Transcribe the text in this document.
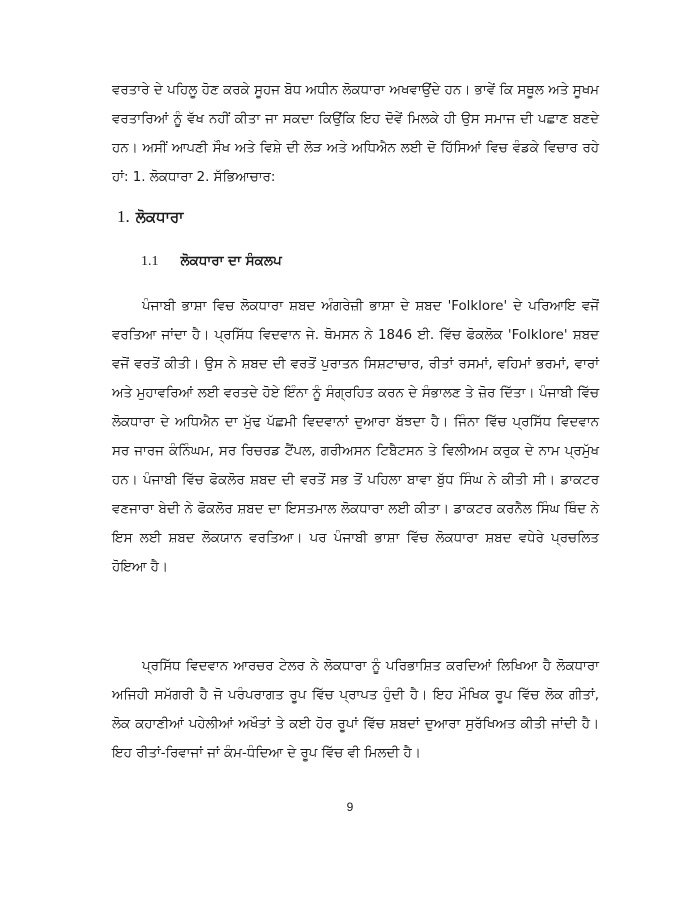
ਵਰਤਾਰੇ ਦੇ ਪਹਿਲੂ ਹੋਣ ਕਰਕੇ ਸੂਹਜ ਬੋਧ ਅਧੀਨ ਲੋਕਧਾਰਾ ਅਖਵਾਉਂਦੇ ਹਨ। ਭਾਵੇਂ ਕਿ ਸਥੂਲ ਅਤੇ ਸੂਖਮ ਵਰਤਾਰਿਆਂ ਨੂੰ ਵੱਖ ਨਹੀਂ ਕੀਤਾ ਜਾ ਸਕਦਾ ਕਿਉਂਕਿ ਇਹ ਦੋਵੇਂ ਮਿਲਕੇ ਹੀ ਉਸ ਸਮਾਜ ਦੀ ਪਛਾਣ ਬਣਦੇ ਹਨ। ਅਸੀਂ ਆਪਣੀ ਸੌਖ ਅਤੇ ਵਿਸ਼ੇ ਦੀ ਲੋੜ ਅਤੇ ਅਧਿਐਨ ਲਈ ਦੋ ਹਿੱਸਿਆਂ ਵਿਚ ਵੰਡਕੇ ਵਿਚਾਰ ਰਹੇ ਹਾਂ: 1. ਲੋਕਧਾਰਾ 2. ਸੱਭਿਆਚਾਰ:

1. ਲੋਕਧਾਰਾ
1.1 ਲੋਕਧਾਰਾ ਦਾ ਸੰਕਲਪ

ਪੰਜਾਬੀ ਭਾਸ਼ਾ ਵਿਚ ਲੋਕਧਾਰਾ ਸ਼ਬਦ ਅੰਗਰੇਜ਼ੀ ਭਾਸ਼ਾ ਦੇ ਸ਼ਬਦ 'Folklore' ਦੇ ਪਰਿਆਇ ਵਜੋਂ ਵਰਤਿਆ ਜਾਂਦਾ ਹੈ। ਪ੍ਰਸਿੱਧ ਵਿਦਵਾਨ ਜੇ. ਥੋਮਸਨ ਨੇ 1846 ਈ. ਵਿੱਚ ਫੋਕਲੋਕ 'Folklore' ਸ਼ਬਦ ਵਜੋਂ ਵਰਤੋਂ ਕੀਤੀ। ਉਸ ਨੇ ਸ਼ਬਦ ਦੀ ਵਰਤੋਂ ਪੁਰਾਤਨ ਸਿਸ਼ਟਾਚਾਰ, ਰੀਤਾਂ ਰਸਮਾਂ, ਵਹਿਮਾਂ ਭਰਮਾਂ, ਵਾਰਾਂ ਅਤੇ ਮੁਹਾਵਰਿਆਂ ਲਈ ਵਰਤਦੇ ਹੋਏ ਇੰਨਾ ਨੂੰ ਸੰਗ੍ਰਹਿਤ ਕਰਨ ਦੇ ਸੰਭਾਲਣ ਤੇ ਜ਼ੋਰ ਦਿੱਤਾ। ਪੰਜਾਬੀ ਵਿੱਚ ਲੋਕਧਾਰਾ ਦੇ ਅਧਿਐਨ ਦਾ ਮੁੱਢ ਪੱਛਮੀ ਵਿਦਵਾਨਾਂ ਦੁਆਰਾ ਬੱਝਦਾ ਹੈ। ਜਿੰਨਾ ਵਿੱਚ ਪ੍ਰਸਿੱਧ ਵਿਦਵਾਨ ਸਰ ਜਾਰਜ ਕੰਨਿੰਘਮ, ਸਰ ਰਿਚਰਡ ਟੈਂਪਲ, ਗਰੀਅਸਨ ਟਿਬੈਟਸਨ ਤੇ ਵਿਲੀਅਮ ਕਰੁਕ ਦੇ ਨਾਮ ਪ੍ਰਮੁੱਖ ਹਨ। ਪੰਜਾਬੀ ਵਿੱਚ ਫੋਕਲੋਰ ਸ਼ਬਦ ਦੀ ਵਰਤੋਂ ਸਭ ਤੋਂ ਪਹਿਲਾ ਬਾਵਾ ਬੁੱਧ ਸਿੰਘ ਨੇ ਕੀਤੀ ਸੀ। ਡਾਕਟਰ ਵਣਜਾਰਾ ਬੇਦੀ ਨੇ ਫੋਕਲੋਰ ਸ਼ਬਦ ਦਾ ਇਸਤਮਾਲ ਲੋਕਧਾਰਾ ਲਈ ਕੀਤਾ। ਡਾਕਟਰ ਕਰਨੈਲ ਸਿੰਘ ਥਿੰਦ ਨੇ ਇਸ ਲਈ ਸ਼ਬਦ ਲੋਕਯਾਨ ਵਰਤਿਆ। ਪਰ ਪੰਜਾਬੀ ਭਾਸ਼ਾ ਵਿੱਚ ਲੋਕਧਾਰਾ ਸ਼ਬਦ ਵਧੇਰੇ ਪ੍ਰਚਲਿਤ ਹੋਇਆ ਹੈ।

ਪ੍ਰਸਿੱਧ ਵਿਦਵਾਨ ਆਰਚਰ ਟੇਲਰ ਨੇ ਲੋਕਧਾਰਾ ਨੂੰ ਪਰਿਭਾਸ਼ਿਤ ਕਰਦਿਆਂ ਲਿਖਿਆ ਹੈ ਲੋਕਧਾਰਾ ਅਜਿਹੀ ਸਮੱਗਰੀ ਹੈ ਜੋ ਪਰੰਪਰਾਗਤ ਰੂਪ ਵਿੱਚ ਪ੍ਰਾਪਤ ਹੁੰਦੀ ਹੈ। ਇਹ ਮੌਖਿਕ ਰੂਪ ਵਿੱਚ ਲੋਕ ਗੀਤਾਂ, ਲੋਕ ਕਹਾਣੀਆਂ ਪਹੇਲੀਆਂ ਅਖੌਤਾਂ ਤੇ ਕਈ ਹੋਰ ਰੂਪਾਂ ਵਿੱਚ ਸ਼ਬਦਾਂ ਦੁਆਰਾ ਸੁਰੱਖਿਅਤ ਕੀਤੀ ਜਾਂਦੀ ਹੈ। ਇਹ ਰੀਤਾਂ-ਰਿਵਾਜਾਂ ਜਾਂ ਕੰਮ-ਧੰਦਿਆ ਦੇ ਰੂਪ ਵਿੱਚ ਵੀ ਮਿਲਦੀ ਹੈ।

9
